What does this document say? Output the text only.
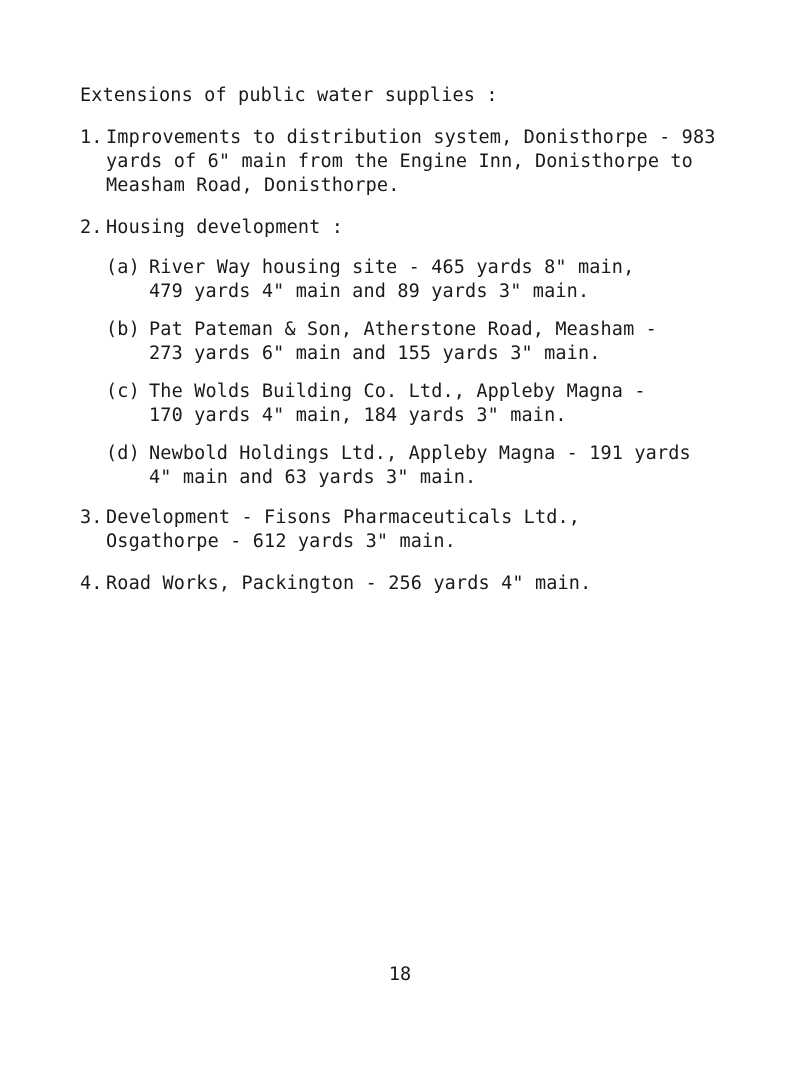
Extensions of public water supplies :
1. Improvements to distribution system, Donisthorpe - 983
yards of 6" main from the Engine Inn, Donisthorpe to
Measham Road, Donisthorpe.
2. Housing development :
(a) River Way housing site - 465 yards 8" main,
479 yards 4" main and 89 yards 3" main.
(b) Pat Pateman & Son, Atherstone Road, Measham -
273 yards 6" main and 155 yards 3" main.
(c) The Wolds Building Co. Ltd., Appleby Magna -
170 yards 4" main, 184 yards 3" main.
(d) Newbold Holdings Ltd., Appleby Magna - 191 yards
4" main and 63 yards 3" main.
3. Development - Fisons Pharmaceuticals Ltd.,
Osgathorpe - 612 yards 3" main.
4. Road Works, Packington - 256 yards 4" main.
18
